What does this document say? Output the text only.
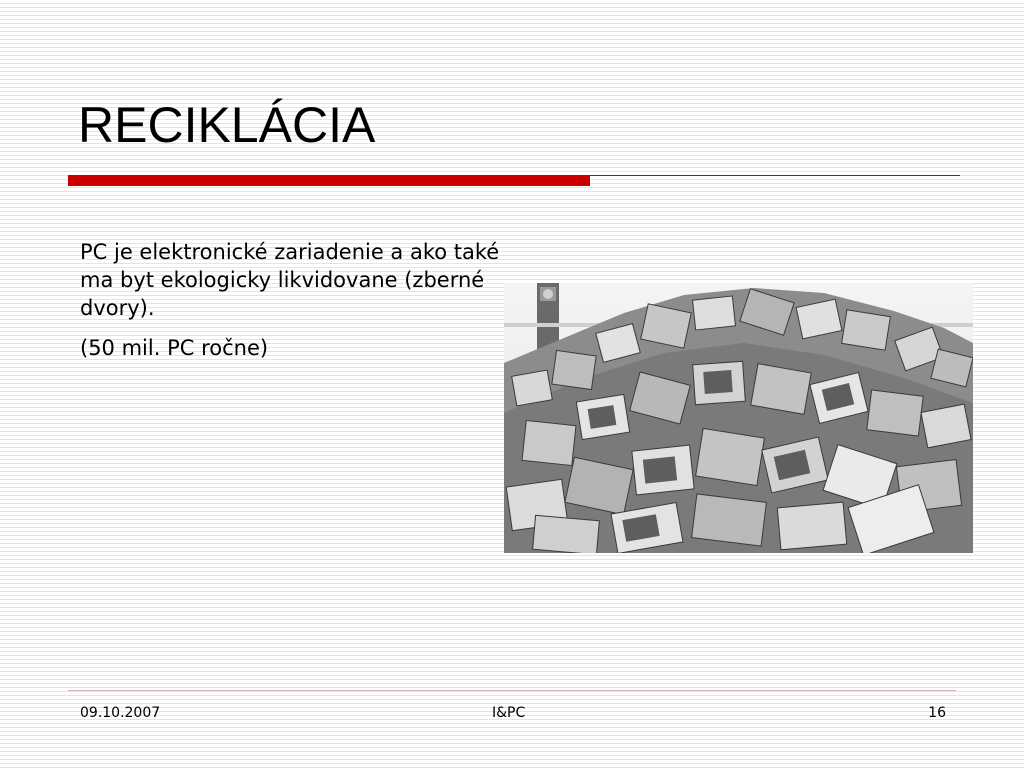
RECIKLÁCIA

PC je elektronické zariadenie a ako také ma byt ekologicky likvidovane (zberné dvory).

(50 mil. PC ročne)

09.10.2007	I&PC	16
